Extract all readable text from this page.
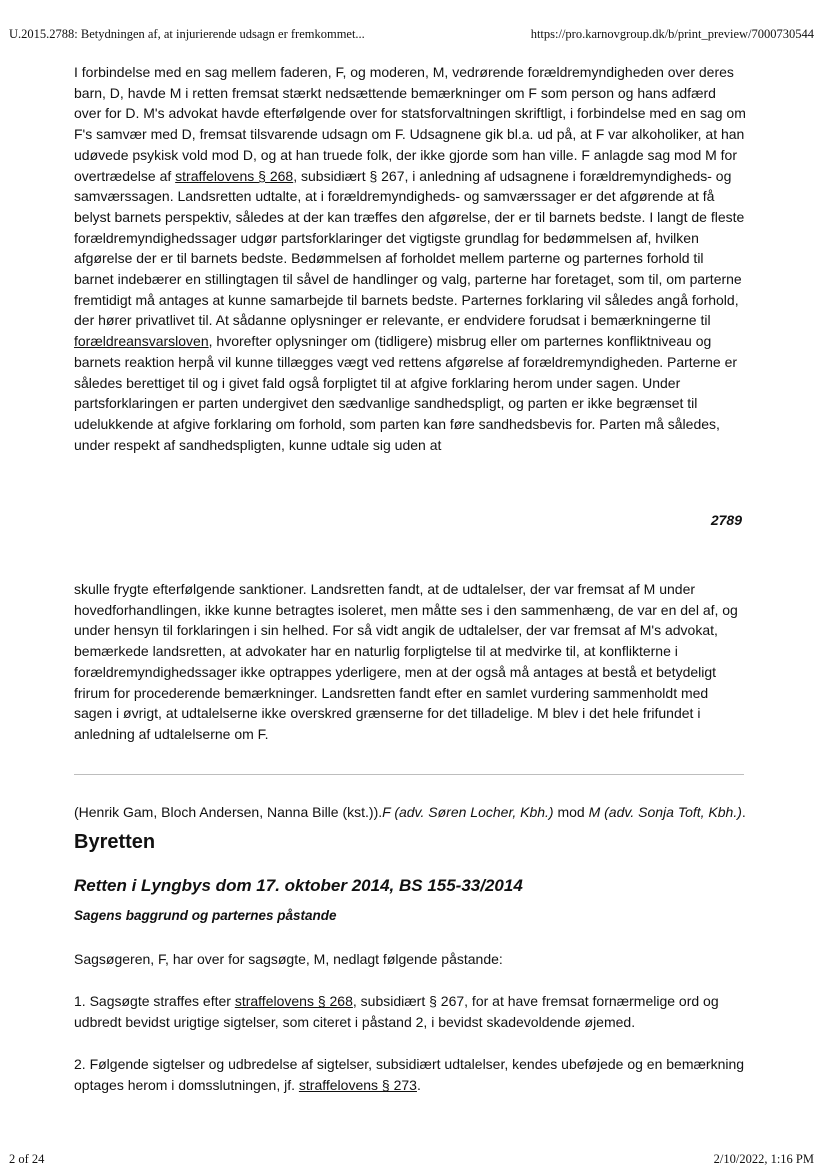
U.2015.2788: Betydningen af, at injurierende udsagn er fremkommet...	https://pro.karnovgroup.dk/b/print_preview/7000730544

I forbindelse med en sag mellem faderen, F, og moderen, M, vedrørende forældremyndigheden over deres barn, D, havde M i retten fremsat stærkt nedsættende bemærkninger om F som person og hans adfærd over for D. M's advokat havde efterfølgende over for statsforvaltningen skriftligt, i forbindelse med en sag om F's samvær med D, fremsat tilsvarende udsagn om F. Udsagnene gik bl.a. ud på, at F var alkoholiker, at han udøvede psykisk vold mod D, og at han truede folk, der ikke gjorde som han ville. F anlagde sag mod M for overtrædelse af straffelovens § 268, subsidiært § 267, i anledning af udsagnene i forældremyndigheds- og samværssagen. Landsretten udtalte, at i forældremyndigheds- og samværssager er det afgørende at få belyst barnets perspektiv, således at der kan træffes den afgørelse, der er til barnets bedste. I langt de fleste forældremyndighedssager udgør partsforklaringer det vigtigste grundlag for bedømmelsen af, hvilken afgørelse der er til barnets bedste. Bedømmelsen af forholdet mellem parterne og parternes forhold til barnet indebærer en stillingtagen til såvel de handlinger og valg, parterne har foretaget, som til, om parterne fremtidigt må antages at kunne samarbejde til barnets bedste. Parternes forklaring vil således angå forhold, der hører privatlivet til. At sådanne oplysninger er relevante, er endvidere forudsat i bemærkningerne til forældreansvarsloven, hvorefter oplysninger om (tidligere) misbrug eller om parternes konfliktniveau og barnets reaktion herpå vil kunne tillægges vægt ved rettens afgørelse af forældremyndigheden. Parterne er således berettiget til og i givet fald også forpligtet til at afgive forklaring herom under sagen. Under partsforklaringen er parten undergivet den sædvanlige sandhedspligt, og parten er ikke begrænset til udelukkende at afgive forklaring om forhold, som parten kan føre sandhedsbevis for. Parten må således, under respekt af sandhedspligten, kunne udtale sig uden at

2789

skulle frygte efterfølgende sanktioner. Landsretten fandt, at de udtalelser, der var fremsat af M under hovedforhandlingen, ikke kunne betragtes isoleret, men måtte ses i den sammenhæng, de var en del af, og under hensyn til forklaringen i sin helhed. For så vidt angik de udtalelser, der var fremsat af M's advokat, bemærkede landsretten, at advokater har en naturlig forpligtelse til at medvirke til, at konflikterne i forældremyndighedssager ikke optrappes yderligere, men at der også må antages at bestå et betydeligt frirum for procederende bemærkninger. Landsretten fandt efter en samlet vurdering sammenholdt med sagen i øvrigt, at udtalelserne ikke overskred grænserne for det tilladelige. M blev i det hele frifundet i anledning af udtalelserne om F.

(Henrik Gam, Bloch Andersen, Nanna Bille (kst.)).F (adv. Søren Locher, Kbh.) mod M (adv. Sonja Toft, Kbh.).
Byretten
Retten i Lyngbys dom 17. oktober 2014, BS 155-33/2014
Sagens baggrund og parternes påstande

Sagsøgeren, F, har over for sagsøgte, M, nedlagt følgende påstande:

1. Sagsøgte straffes efter straffelovens § 268, subsidiært § 267, for at have fremsat fornærmelige ord og udbredt bevidst urigtige sigtelser, som citeret i påstand 2, i bevidst skadevoldende øjemed.

2. Følgende sigtelser og udbredelse af sigtelser, subsidiært udtalelser, kendes ubeføjede og en bemærkning optages herom i domsslutningen, jf. straffelovens § 273.

2 of 24	2/10/2022, 1:16 PM
